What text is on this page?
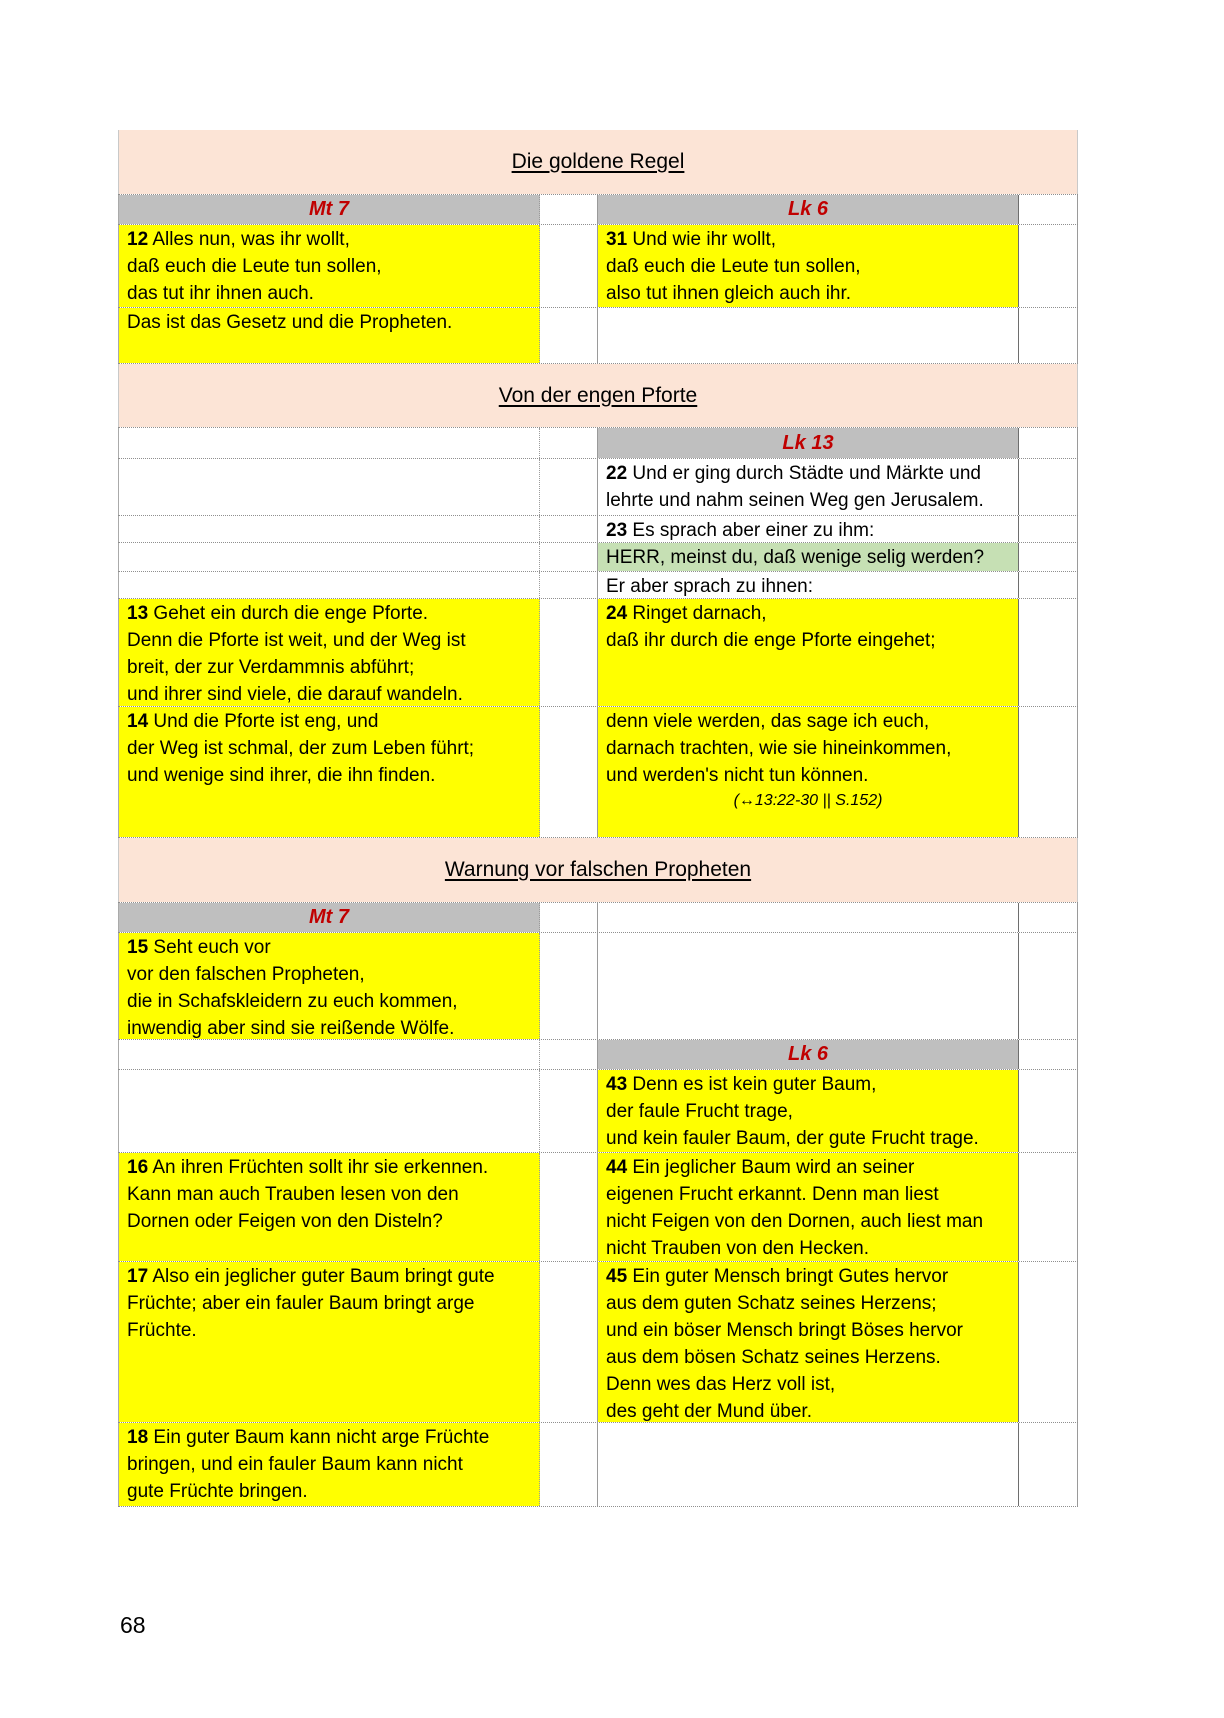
Die goldene Regel
Mt 7	Lk 6

12 Alles nun, was ihr wollt,

daß euch die Leute tun sollen,

das tut ihr ihnen auch.

31 Und wie ihr wollt,

daß euch die Leute tun sollen,

also tut ihnen gleich auch ihr.

Das ist das Gesetz und die Propheten.

Von der engen Pforte
Lk 13

22 Und er ging durch Städte und Märkte und

lehrte und nahm seinen Weg gen Jerusalem.

23 Es sprach aber einer zu ihm:

HERR, meinst du, daß wenige selig werden?

Er aber sprach zu ihnen:

13 Gehet ein durch die enge Pforte.

Denn die Pforte ist weit, und der Weg ist

breit, der zur Verdammnis abführt;

und ihrer sind viele, die darauf wandeln.

24 Ringet darnach,

daß ihr durch die enge Pforte eingehet;

14 Und die Pforte ist eng, und

der Weg ist schmal, der zum Leben führt;

und wenige sind ihrer, die ihn finden.

denn viele werden, das sage ich euch,

darnach trachten, wie sie hineinkommen,

und werden's nicht tun können.

(↔13:22-30 || S.152)

Warnung vor falschen Propheten
Mt 7

15 Seht euch vor

vor den falschen Propheten,

die in Schafskleidern zu euch kommen,

inwendig aber sind sie reißende Wölfe.

Lk 6

43 Denn es ist kein guter Baum,

der faule Frucht trage,

und kein fauler Baum, der gute Frucht trage.

16 An ihren Früchten sollt ihr sie erkennen.

Kann man auch Trauben lesen von den

Dornen oder Feigen von den Disteln?

44 Ein jeglicher Baum wird an seiner

eigenen Frucht erkannt. Denn man liest

nicht Feigen von den Dornen, auch liest man

nicht Trauben von den Hecken.

17 Also ein jeglicher guter Baum bringt gute

Früchte; aber ein fauler Baum bringt arge

Früchte.

45 Ein guter Mensch bringt Gutes hervor

aus dem guten Schatz seines Herzens;

und ein böser Mensch bringt Böses hervor

aus dem bösen Schatz seines Herzens.

Denn wes das Herz voll ist,

des geht der Mund über.

18 Ein guter Baum kann nicht arge Früchte

bringen, und ein fauler Baum kann nicht

gute Früchte bringen.

68
